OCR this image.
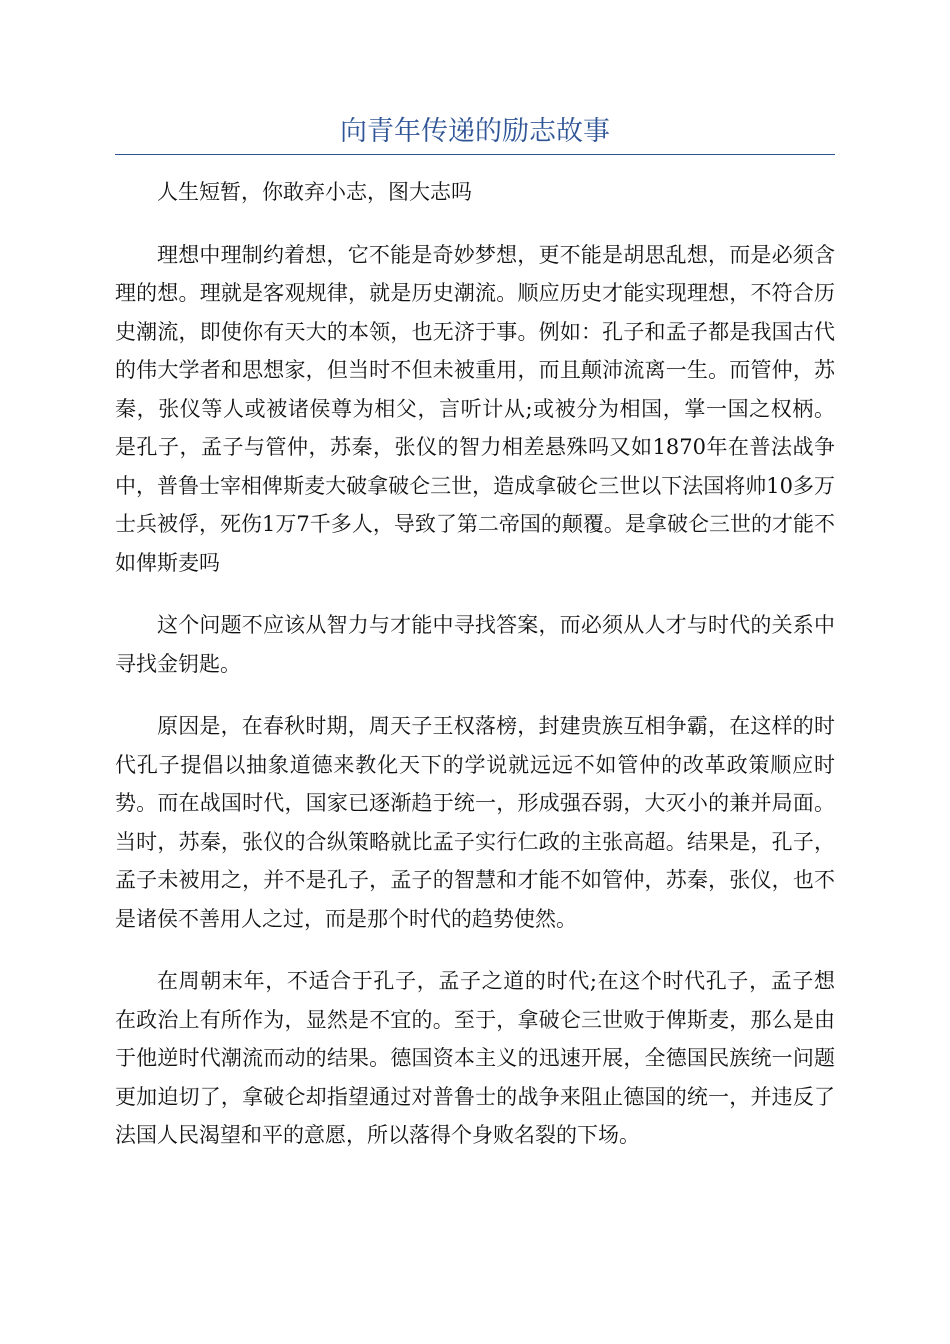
向青年传递的励志故事

人生短暂，你敢弃小志，图大志吗

理想中理制约着想，它不能是奇妙梦想，更不能是胡思乱想，而是必须含理的想。理就是客观规律，就是历史潮流。顺应历史才能实现理想，不符合历史潮流，即使你有天大的本领，也无济于事。例如：孔子和孟子都是我国古代的伟大学者和思想家，但当时不但未被重用，而且颠沛流离一生。而管仲，苏秦，张仪等人或被诸侯尊为相父，言听计从;或被分为相国，掌一国之权柄。是孔子，孟子与管仲，苏秦，张仪的智力相差悬殊吗又如1870年在普法战争中，普鲁士宰相俾斯麦大破拿破仑三世，造成拿破仑三世以下法国将帅10多万士兵被俘，死伤1万7千多人，导致了第二帝国的颠覆。是拿破仑三世的才能不如俾斯麦吗

这个问题不应该从智力与才能中寻找答案，而必须从人才与时代的关系中寻找金钥匙。

原因是，在春秋时期，周天子王权落榜，封建贵族互相争霸，在这样的时代孔子提倡以抽象道德来教化天下的学说就远远不如管仲的改革政策顺应时势。而在战国时代，国家已逐渐趋于统一，形成强吞弱，大灭小的兼并局面。当时，苏秦，张仪的合纵策略就比孟子实行仁政的主张高超。结果是，孔子，孟子未被用之，并不是孔子，孟子的智慧和才能不如管仲，苏秦，张仪，也不是诸侯不善用人之过，而是那个时代的趋势使然。

在周朝末年，不适合于孔子，孟子之道的时代;在这个时代孔子，孟子想在政治上有所作为，显然是不宜的。至于，拿破仑三世败于俾斯麦，那么是由于他逆时代潮流而动的结果。德国资本主义的迅速开展，全德国民族统一问题更加迫切了，拿破仑却指望通过对普鲁士的战争来阻止德国的统一，并违反了法国人民渴望和平的意愿，所以落得个身败名裂的下场。
